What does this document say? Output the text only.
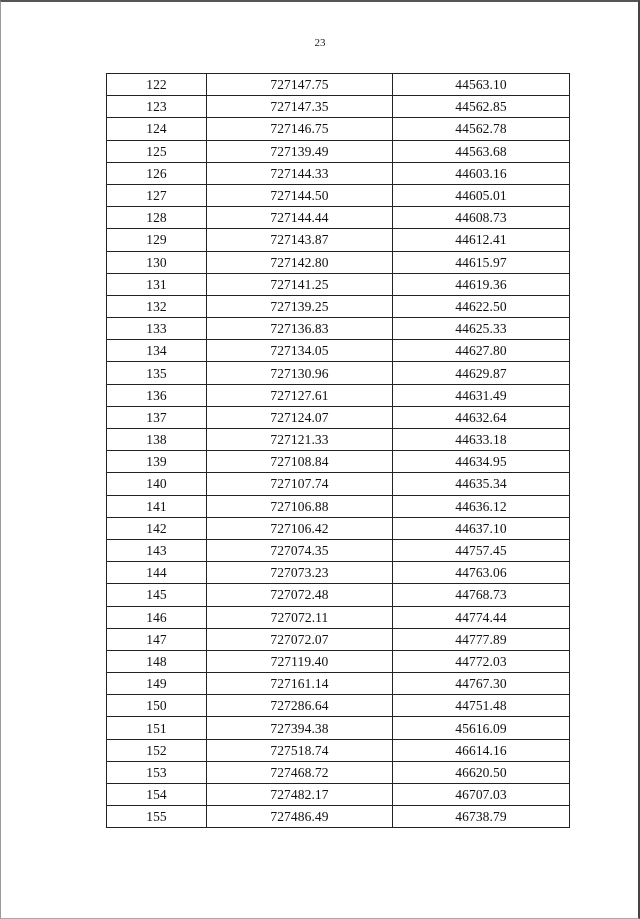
23
122	727147.75	44563.10
123	727147.35	44562.85
124	727146.75	44562.78
125	727139.49	44563.68
126	727144.33	44603.16
127	727144.50	44605.01
128	727144.44	44608.73
129	727143.87	44612.41
130	727142.80	44615.97
131	727141.25	44619.36
132	727139.25	44622.50
133	727136.83	44625.33
134	727134.05	44627.80
135	727130.96	44629.87
136	727127.61	44631.49
137	727124.07	44632.64
138	727121.33	44633.18
139	727108.84	44634.95
140	727107.74	44635.34
141	727106.88	44636.12
142	727106.42	44637.10
143	727074.35	44757.45
144	727073.23	44763.06
145	727072.48	44768.73
146	727072.11	44774.44
147	727072.07	44777.89
148	727119.40	44772.03
149	727161.14	44767.30
150	727286.64	44751.48
151	727394.38	45616.09
152	727518.74	46614.16
153	727468.72	46620.50
154	727482.17	46707.03
155	727486.49	46738.79
